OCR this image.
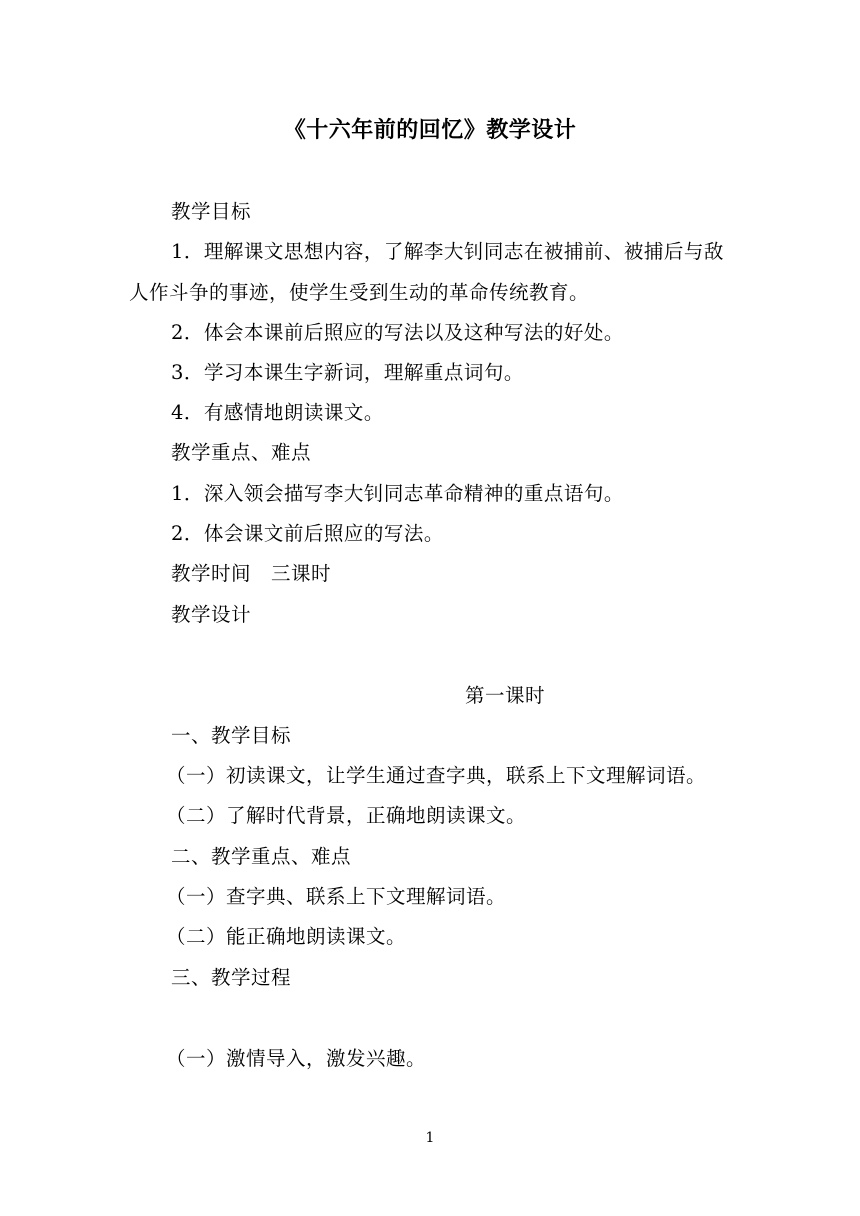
《十六年前的回忆》教学设计
教学目标
1．理解课文思想内容，了解李大钊同志在被捕前、被捕后与敌
人作斗争的事迹，使学生受到生动的革命传统教育。
2．体会本课前后照应的写法以及这种写法的好处。
3．学习本课生字新词，理解重点词句。
4．有感情地朗读课文。
教学重点、难点
1．深入领会描写李大钊同志革命精神的重点语句。
2．体会课文前后照应的写法。
教学时间　三课时
教学设计
第一课时
一、教学目标
（一）初读课文，让学生通过查字典，联系上下文理解词语。
（二）了解时代背景，正确地朗读课文。
二、教学重点、难点
（一）查字典、联系上下文理解词语。
（二）能正确地朗读课文。
三、教学过程
（一）激情导入，激发兴趣。
1
